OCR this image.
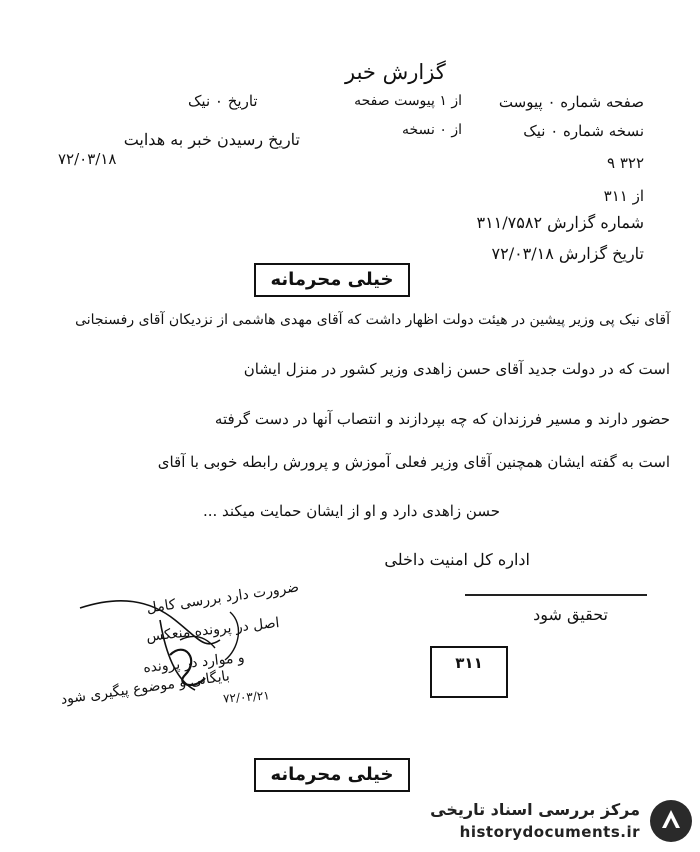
گزارش خبر
صفحه شماره ۰ پیوست
نسخه شماره ۰ نیک
از ۱ پیوست صفحه
از ۰ نسخه
تاریخ ۰ نیک
تاریخ رسیدن خبر به هدایت
۷۲/۰۳/۱۸	۳۲۲ ۹
از ۳۱۱
شماره گزارش ۳۱۱/۷۵۸۲
تاریخ گزارش ۷۲/۰۳/۱۸
خیلی محرمانه
آقای نیک پی وزیر پیشین در هیئت دولت اظهار داشت که آقای مهدی هاشمی از نزدیکان آقای رفسنجانی
است که در دولت جدید آقای حسن زاهدی وزیر کشور در منزل ایشان
حضور دارند و مسیر فرزندان که چه بپردازند و انتصاب آنها در دست گرفته
است به گفته ایشان همچنین آقای وزیر فعلی آموزش و پرورش رابطه خوبی با آقای
حسن زاهدی دارد و او از ایشان حمایت میکند ...
اداره کل امنیت داخلی
تحقیق شود
ضرورت دارد بررسی کامل
اصل در پرونده منعکس
و موارد در پرونده
بایگانی و موضوع پیگیری شود
۷۲/۰۳/۲۱
۳۱۱
خیلی محرمانه
مرکز بررسی اسناد تاریخی
historydocuments.ir
